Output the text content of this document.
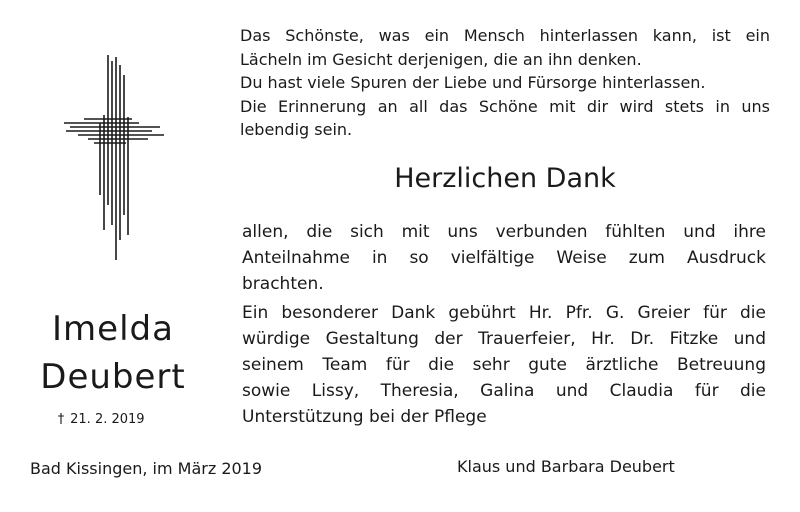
Imelda
Deubert
† 21. 2. 2019
Das Schönste, was ein Mensch hinterlassen kann, ist ein
Lächeln im Gesicht derjenigen, die an ihn denken.
Du hast viele Spuren der Liebe und Fürsorge hinterlassen.
Die Erinnerung an all das Schöne mit dir wird stets in uns
lebendig sein.
Herzlichen Dank
allen, die sich mit uns verbunden fühlten und ihre
Anteilnahme in so vielfältige Weise zum Ausdruck
brachten.
Ein besonderer Dank gebührt Hr. Pfr. G. Greier für die
würdige Gestaltung der Trauerfeier, Hr. Dr. Fitzke und
seinem Team für die sehr gute ärztliche Betreuung
sowie Lissy, Theresia, Galina und Claudia für die
Unterstützung bei der Pflege
Bad Kissingen, im März 2019	Klaus und Barbara Deubert
